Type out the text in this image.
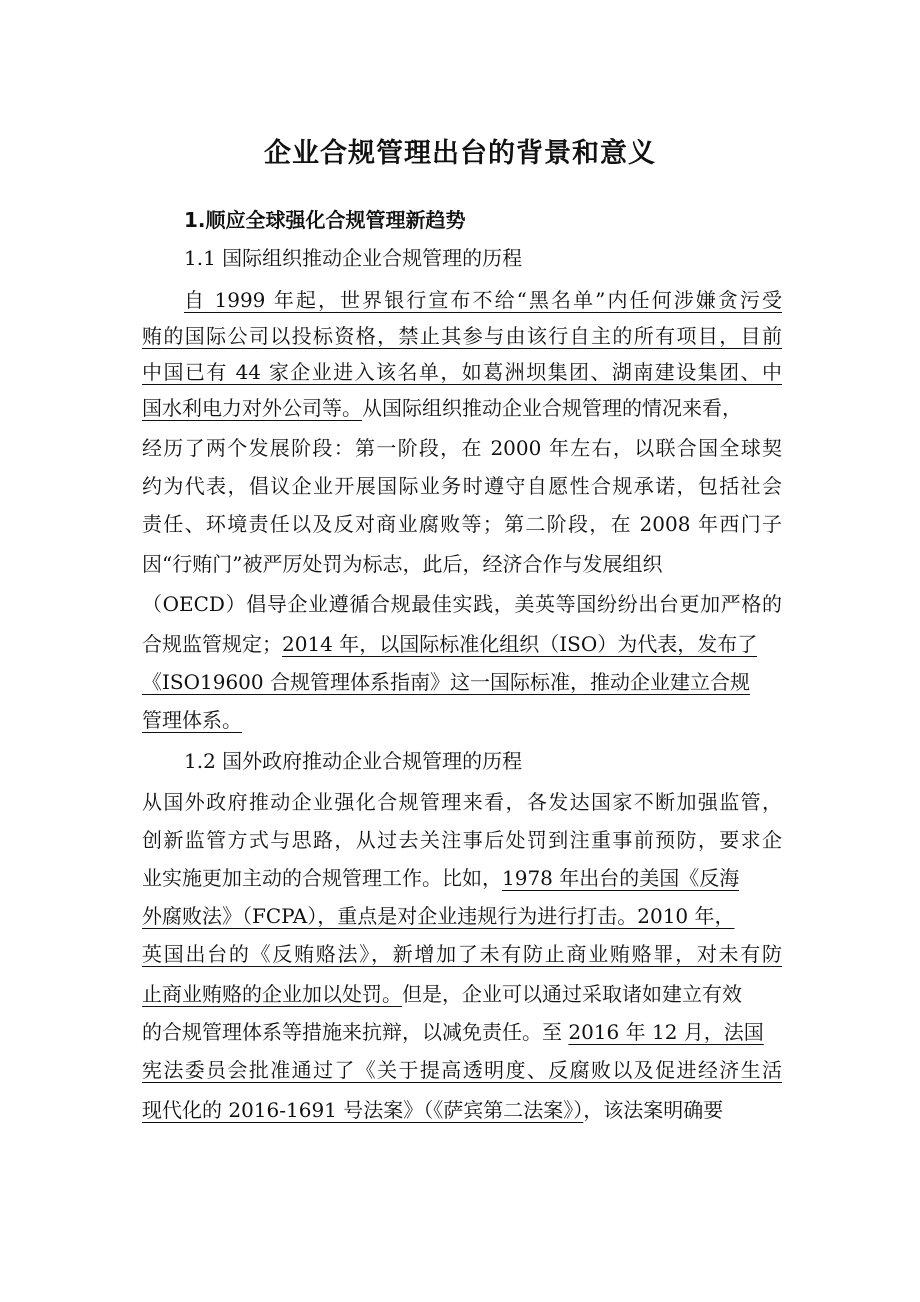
企业合规管理出台的背景和意义
1.顺应全球强化合规管理新趋势
1.1 国际组织推动企业合规管理的历程
自 1999 年起，世界银行宣布不给“黑名单”内任何涉嫌贪污受
贿的国际公司以投标资格，禁止其参与由该行自主的所有项目，目前
中国已有 44 家企业进入该名单，如葛洲坝集团、湖南建设集团、中
国水利电力对外公司等。从国际组织推动企业合规管理的情况来看，
经历了两个发展阶段：第一阶段，在 2000 年左右，以联合国全球契
约为代表，倡议企业开展国际业务时遵守自愿性合规承诺，包括社会
责任、环境责任以及反对商业腐败等；第二阶段，在 2008 年西门子
因“行贿门”被严厉处罚为标志，此后，经济合作与发展组织
（OECD）倡导企业遵循合规最佳实践，美英等国纷纷出台更加严格的
合规监管规定；2014 年，以国际标准化组织（ISO）为代表，发布了
《ISO19600 合规管理体系指南》这一国际标准，推动企业建立合规
管理体系。
1.2 国外政府推动企业合规管理的历程
从国外政府推动企业强化合规管理来看，各发达国家不断加强监管，
创新监管方式与思路，从过去关注事后处罚到注重事前预防，要求企
业实施更加主动的合规管理工作。比如，1978 年出台的美国《反海
外腐败法》（FCPA），重点是对企业违规行为进行打击。2010 年，
英国出台的《反贿赂法》，新增加了未有防止商业贿赂罪，对未有防
止商业贿赂的企业加以处罚。但是，企业可以通过采取诸如建立有效
的合规管理体系等措施来抗辩，以减免责任。至 2016 年 12 月，法国
宪法委员会批准通过了《关于提高透明度、反腐败以及促进经济生活
现代化的 2016-1691 号法案》（《萨宾第二法案》），该法案明确要
